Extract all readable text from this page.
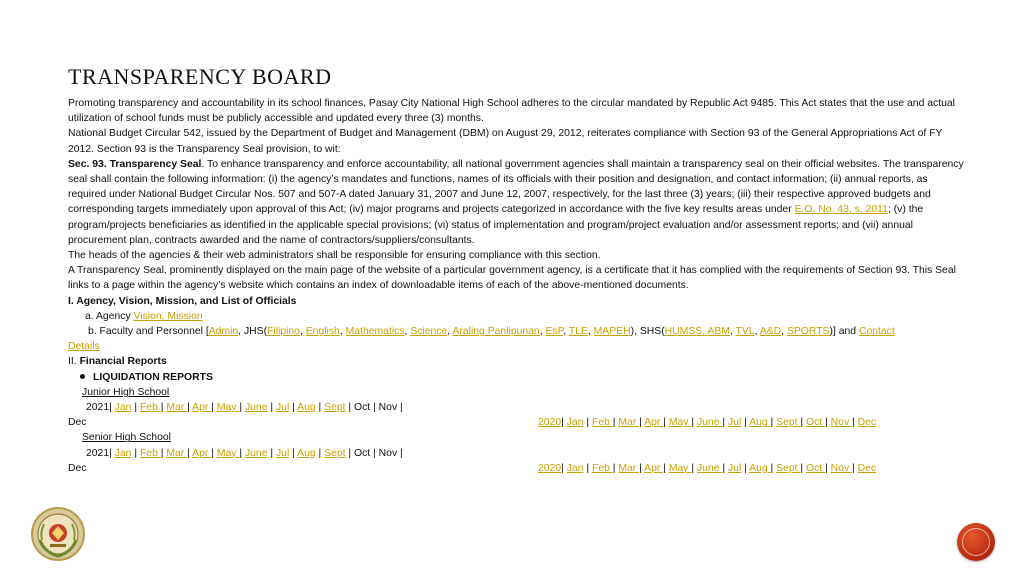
TRANSPARENCY BOARD

Promoting transparency and accountability in its school finances, Pasay City National High School adheres to the circular mandated by Republic Act 9485. This Act states that the use and actual utilization of school funds must be publicly accessible and updated every three (3) months.

National Budget Circular 542, issued by the Department of Budget and Management (DBM) on August 29, 2012, reiterates compliance with Section 93 of the General Appropriations Act of FY 2012. Section 93 is the Transparency Seal provision, to wit:

Sec. 93. Transparency Seal. To enhance transparency and enforce accountability, all national government agencies shall maintain a transparency seal on their official websites. The transparency seal shall contain the following information: (i) the agency’s mandates and functions, names of its officials with their position and designation, and contact information; (ii) annual reports, as required under National Budget Circular Nos. 507 and 507-A dated January 31, 2007 and June 12, 2007, respectively, for the last three (3) years; (iii) their respective approved budgets and corresponding targets immediately upon approval of this Act; (iv) major programs and projects categorized in accordance with the five key results areas under E.O. No. 43, s. 2011; (v) the program/projects beneficiaries as identified in the applicable special provisions; (vi) status of implementation and program/project evaluation and/or assessment reports; and (vii) annual procurement plan, contracts awarded and the name of contractors/suppliers/consultants.

The heads of the agencies & their web administrators shall be responsible for ensuring compliance with this section.

A Transparency Seal, prominently displayed on the main page of the website of a particular government agency, is a certificate that it has complied with the requirements of Section 93. This Seal links to a page within the agency’s website which contains an index of downloadable items of each of the above-mentioned documents.

I. Agency, Vision, Mission, and List of Officials

a. Agency Vision, Mission

b. Faculty and Personnel [Admin, JHS(Filipino, English, Mathematics, Science, Araling Panlipunan, EsP, TLE, MAPEH), SHS(HUMSS, ABM, TVL, A&D, SPORTS)] and Contact

Details

II. Financial Reports

LIQUIDATION REPORTS

Junior High School

2021| Jan | Feb | Mar | Apr | May | June | Jul | Aug | Sept | Oct | Nov |

Dec	2020| Jan | Feb | Mar | Apr | May | June | Jul | Aug | Sept | Oct | Nov | Dec

Senior High School

2021| Jan | Feb | Mar | Apr | May | June | Jul | Aug | Sept | Oct | Nov |

Dec	2020| Jan | Feb | Mar | Apr | May | June | Jul | Aug | Sept | Oct | Nov | Dec
